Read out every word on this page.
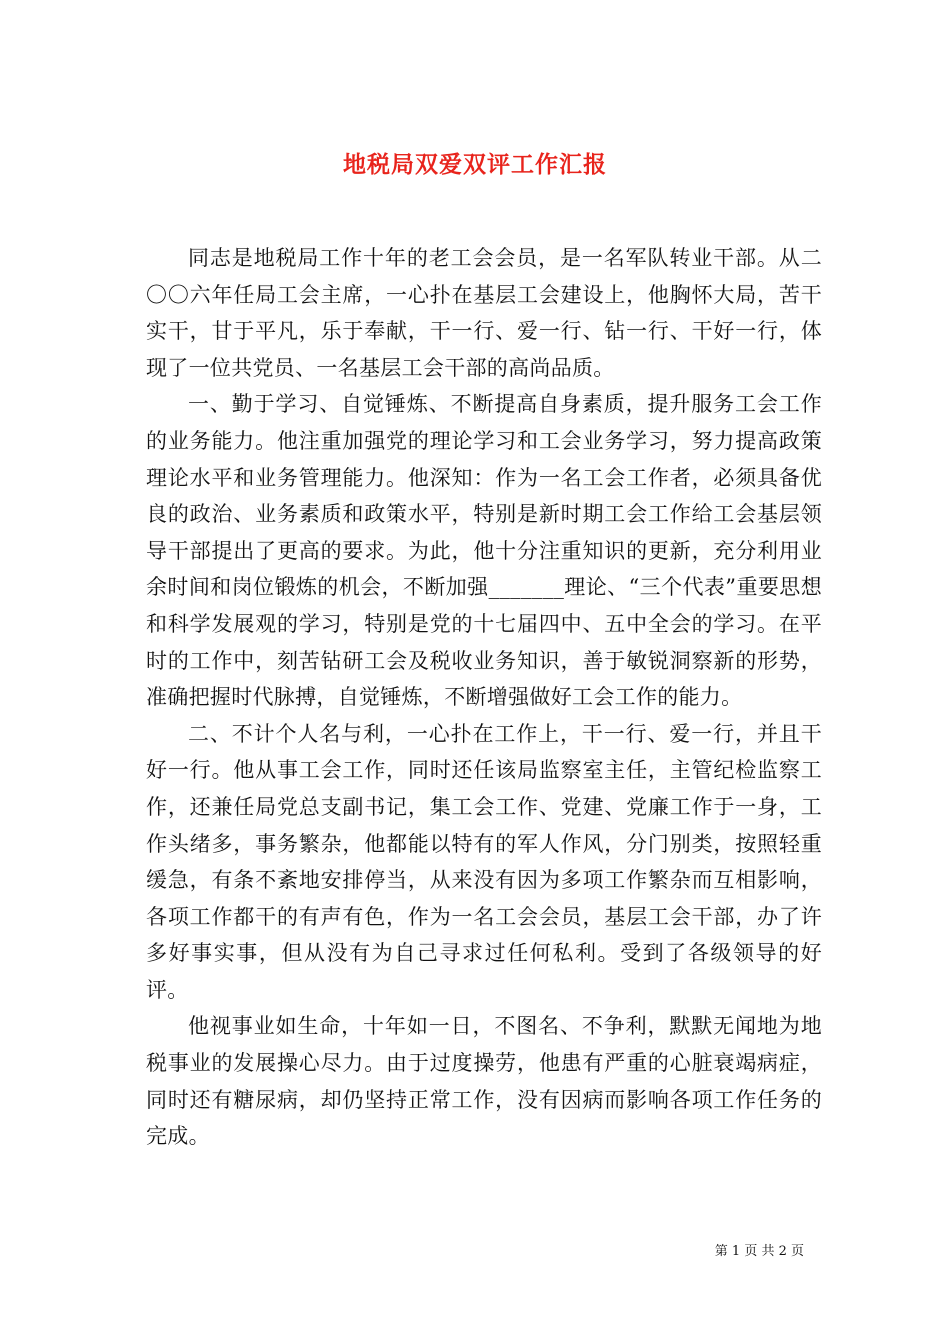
地税局双爱双评工作汇报

同志是地税局工作十年的老工会会员，是一名军队转业干部。从二〇〇六年任局工会主席，一心扑在基层工会建设上，他胸怀大局，苦干实干，甘于平凡，乐于奉献，干一行、爱一行、钻一行、干好一行，体现了一位共党员、一名基层工会干部的高尚品质。

一、勤于学习、自觉锤炼、不断提高自身素质，提升服务工会工作的业务能力。他注重加强党的理论学习和工会业务学习，努力提高政策理论水平和业务管理能力。他深知：作为一名工会工作者，必须具备优良的政治、业务素质和政策水平，特别是新时期工会工作给工会基层领导干部提出了更高的要求。为此，他十分注重知识的更新，充分利用业余时间和岗位锻炼的机会，不断加强_______理论、“三个代表”重要思想和科学发展观的学习，特别是党的十七届四中、五中全会的学习。在平时的工作中，刻苦钻研工会及税收业务知识，善于敏锐洞察新的形势，准确把握时代脉搏，自觉锤炼，不断增强做好工会工作的能力。

二、不计个人名与利，一心扑在工作上，干一行、爱一行，并且干好一行。他从事工会工作，同时还任该局监察室主任，主管纪检监察工作，还兼任局党总支副书记，集工会工作、党建、党廉工作于一身，工作头绪多，事务繁杂，他都能以特有的军人作风，分门别类，按照轻重缓急，有条不紊地安排停当，从来没有因为多项工作繁杂而互相影响，各项工作都干的有声有色，作为一名工会会员，基层工会干部，办了许多好事实事，但从没有为自己寻求过任何私利。受到了各级领导的好评。

他视事业如生命，十年如一日，不图名、不争利，默默无闻地为地税事业的发展操心尽力。由于过度操劳，他患有严重的心脏衰竭病症，同时还有糖尿病，却仍坚持正常工作，没有因病而影响各项工作任务的完成。

第 1 页 共 2 页
